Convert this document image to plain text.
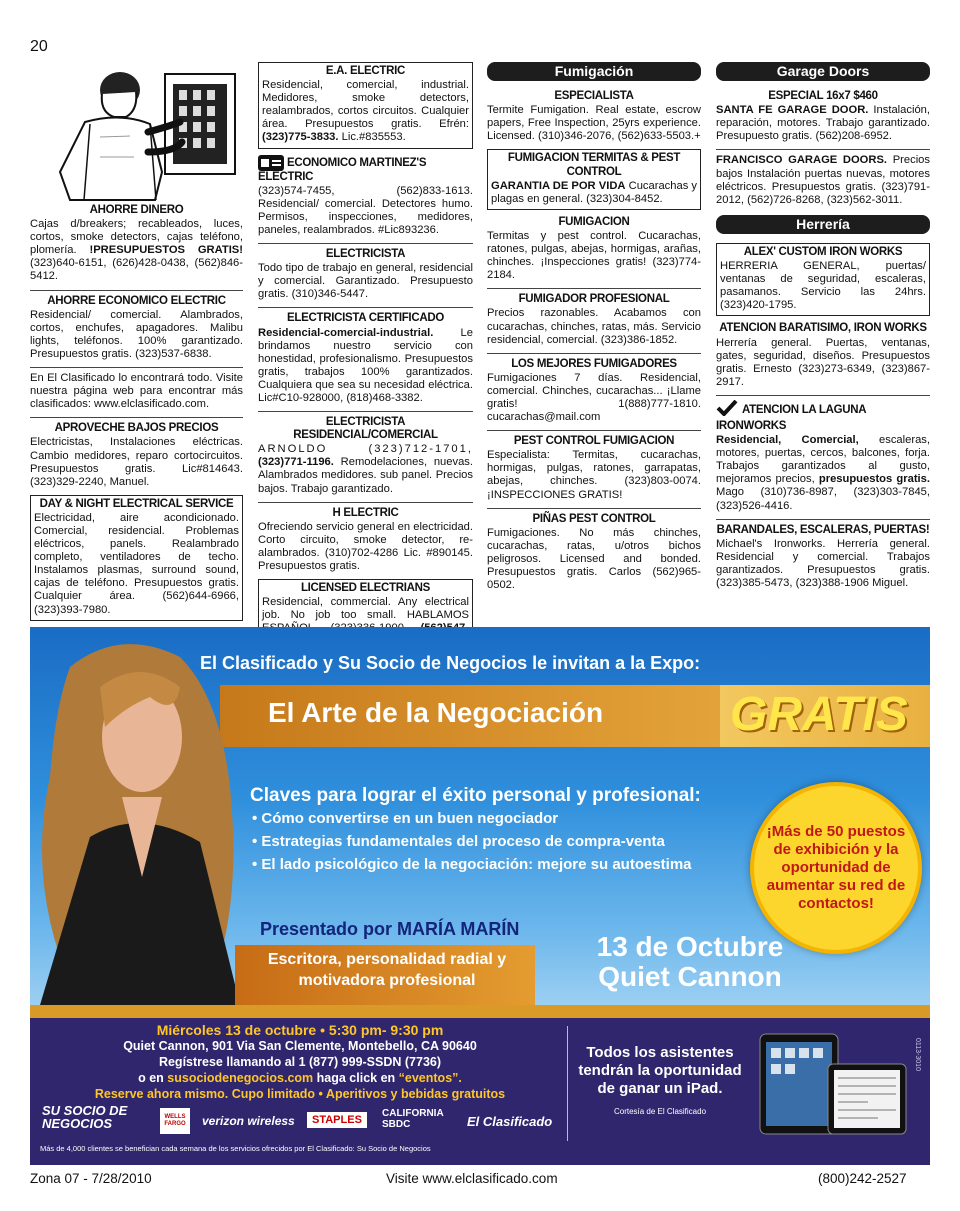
20
AHORRE DINERO

Cajas d/breakers; recableados, luces, cortos, smoke detectors, cajas teléfono, plomería. !PRESUPUESTOS GRATIS! (323)640-6151, (626)428-0438, (562)846-5412.

AHORRE ECONOMICO ELECTRIC

Residencial/ comercial. Alambrados, cortos, enchufes, apagadores. Malibu lights, teléfonos. 100% garantizado. Presupuestos gratis. (323)537-6838.

En El Clasificado lo encontrará todo. Visite nuestra página web para encontrar más clasificados: www.elclasificado.com.

APROVECHE BAJOS PRECIOS

Electricistas, Instalaciones eléctricas. Cambio medidores, reparo cortocircuitos. Presupuestos gratis. Lic#814643. (323)329-2240, Manuel.

DAY & NIGHT ELECTRICAL SERVICE

Electricidad, aire acondicionado. Comercial, residencial. Problemas eléctricos, panels. Realambrado completo, ventiladores de techo. Instalamos plasmas, surround sound, cajas de teléfono. Presupuestos gratis. Cualquier área. (562)644-6966, (323)393-7980.

E.A. ELECTRIC

Residencial, comercial, industrial. Medidores, smoke detectors, realambrados, cortos circuitos. Cualquier área. Presupuestos gratis. Efrén: (323)775-3833. Lic.#835553.

ECONOMICO MARTINEZ'S ELECTRIC

(323)574-7455, (562)833-1613. Residencial/ comercial. Detectores humo. Permisos, inspecciones, medidores, paneles, realambrados. #Lic893236.

ELECTRICISTA

Todo tipo de trabajo en general, residencial y comercial. Garantizado. Presupuesto gratis. (310)346-5447.

ELECTRICISTA CERTIFICADO

Residencial-comercial-industrial. Le brindamos nuestro servicio con honestidad, profesionalismo. Presupuestos gratis, trabajos 100% garantizados. Cualquiera que sea su necesidad eléctrica. Lic#C10-928000, (818)468-3382.

ELECTRICISTA RESIDENCIAL/COMERCIAL

ARNOLDO (323)712-1701, (323)771-1196. Remodelaciones, nuevas. Alambrados medidores. sub panel. Precios bajos. Trabajo garantizado.

H ELECTRIC

Ofreciendo servicio general en electricidad. Corto circuito, smoke detector, re-alambrados. (310)702-4286 Lic. #890145. Presupuestos gratis.

LICENSED ELECTRIANS

Residencial, commercial. Any electrical job. No job too small. HABLAMOS

Fumigación
ESPECIALISTA

Termite Fumigation. Real estate, escrow papers, Free Inspection, 25yrs experience. Licensed. (310)346-2076, (562)633-5503.+

FUMIGACION TERMITAS & PEST CONTROL

GARANTIA DE POR VIDA Cucarachas y plagas en general. (323)304-8452.

FUMIGACION

Termitas y pest control. Cucarachas, ratones, pulgas, abejas, hormigas, arañas, chinches. ¡Inspecciones gratis! (323)774-2184.

FUMIGADOR PROFESIONAL

Precios razonables. Acabamos con cucarachas, chinches, ratas, más. Servicio residencial, comercial. (323)386-1852.

LOS MEJORES FUMIGADORES

Fumigaciones 7 días. Residencial, comercial. Chinches, cucarachas... ¡Llame gratis! 1(888)777-1810. cucarachas@mail.com

PEST CONTROL FUMIGACION

Especialista: Termitas, cucarachas, hormigas, pulgas, ratones, garrapatas, abejas, chinches. (323)803-0074. ¡INSPECCIONES GRATIS!

PIÑAS PEST CONTROL

Fumigaciones. No más chinches, cucarachas, ratas, u/otros bichos peligrosos. Licensed and bonded. Presupuestos gratis. Carlos (562)965-0502.

Garage Doors
ESPECIAL 16x7 $460

SANTA FE GARAGE DOOR. Instalación, reparación, motores. Trabajo garantizado. Presupuesto gratis. (562)208-6952.

FRANCISCO GARAGE DOORS. Precios bajos Instalación puertas nuevas, motores eléctricos. Presupuestos gratis. (323)791-2012, (562)726-8268, (323)562-3011.

Herrería
ALEX' CUSTOM IRON WORKS

HERRERIA GENERAL, puertas/ ventanas de seguridad, escaleras, pasamanos. Servicio las 24hrs. (323)420-1795.

ATENCION BARATISIMO, IRON WORKS

Herrería general. Puertas, ventanas, gates, seguridad, diseños. Presupuestos gratis. Ernesto (323)273-6349, (323)867-2917.

ATENCION LA LAGUNA IRONWORKS

Residencial, Comercial, escaleras, motores, puertas, cercos, balcones, forja. Trabajos garantizados al gusto, mejoramos precios, presupuestos gratis. Mago (310)736-8987, (323)303-7845, (323)526-4416.

BARANDALES, ESCALERAS, PUERTAS!

Michael's Ironworks. Herrería general. Residencial y comercial. Trabajos garantizados. Presupuestos gratis. (323)385-5473, (323)388-1906 Miguel.

El Clasificado y Su Socio de Negocios le invitan a la Expo:
El Arte de la Negociación	GRATIS
Claves para lograr el éxito personal y profesional:
• Cómo convertirse en un buen negociador
• Estrategias fundamentales del proceso de compra-venta
• El lado psicológico de la negociación: mejore su autoestima
¡Más de 50 puestos de exhibición y la oportunidad de aumentar su red de contactos!
Presentado por MARÍA MARÍN
Escritora, personalidad radial y motivadora profesional
13 de Octubre
Quiet Cannon
Miércoles 13 de octubre • 5:30 pm- 9:30 pm
Quiet Cannon, 901 Via San Clemente, Montebello, CA 90640
Regístrese llamando al 1 (877) 999-SSDN (7736)
o en susociodenegocios.com haga click en “eventos”.
Reserve ahora mismo. Cupo limitado • Aperitivos y bebidas gratuitos
SU SOCIO DE NEGOCIOS	WELLS FARGO	verizon wireless	STAPLES
CALIFORNIA SBDC	El Clasificado
Más de 4,000 clientes se benefician cada semana de los servicios ofrecidos por El Clasificado: Su Socio de Negocios
Todos los asistentes tendrán la oportunidad de ganar un iPad.
Cortesía de El Clasificado
0113-3010
Zona 07 - 7/28/2010	Visite www.elclasificado.com	(800)242-2527
